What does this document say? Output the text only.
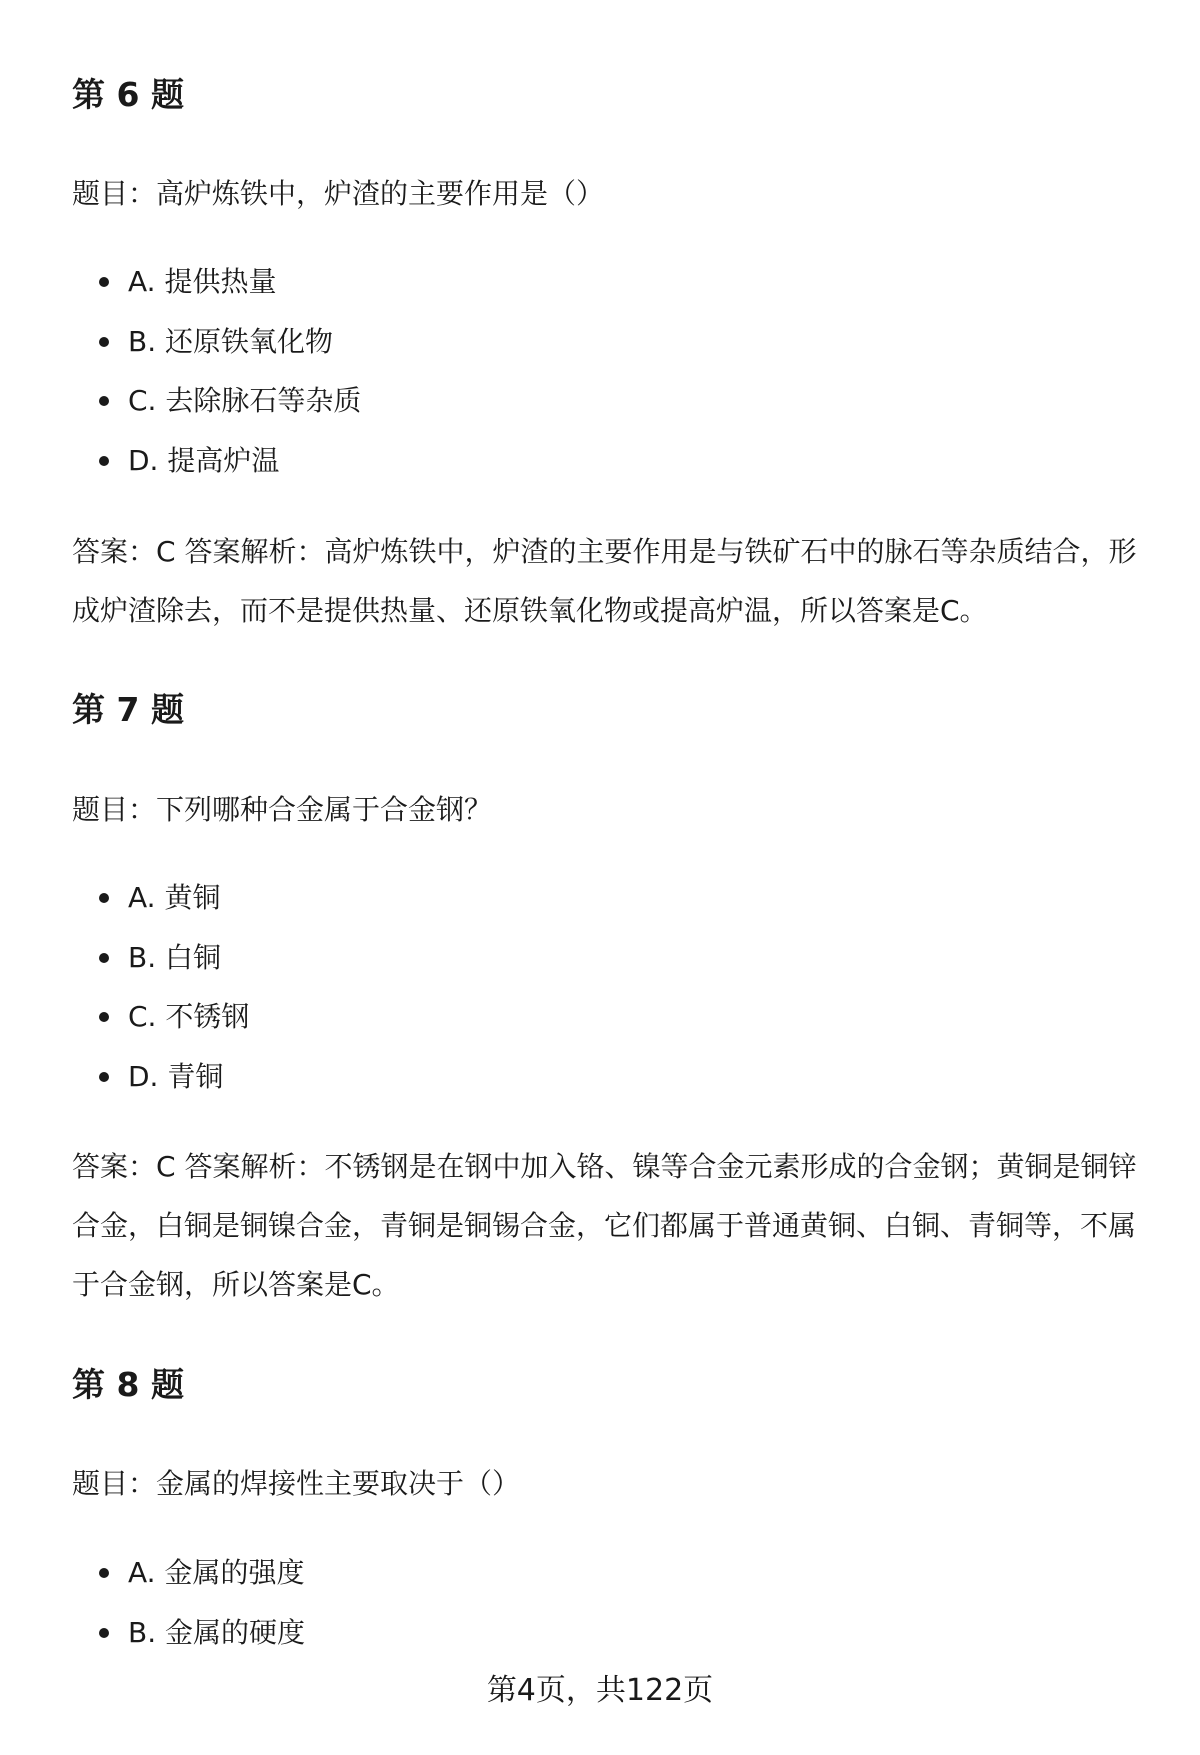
第 6 题

题目：高炉炼铁中，炉渣的主要作用是（）

A. 提供热量
B. 还原铁氧化物
C. 去除脉石等杂质
D. 提高炉温

答案：C 答案解析：高炉炼铁中，炉渣的主要作用是与铁矿石中的脉石等杂质结合，形成炉渣除去，而不是提供热量、还原铁氧化物或提高炉温，所以答案是C。

第 7 题

题目：下列哪种合金属于合金钢？

A. 黄铜
B. 白铜
C. 不锈钢
D. 青铜

答案：C 答案解析：不锈钢是在钢中加入铬、镍等合金元素形成的合金钢；黄铜是铜锌合金，白铜是铜镍合金，青铜是铜锡合金，它们都属于普通黄铜、白铜、青铜等，不属于合金钢，所以答案是C。

第 8 题

题目：金属的焊接性主要取决于（）

A. 金属的强度
B. 金属的硬度
第4页，共122页
